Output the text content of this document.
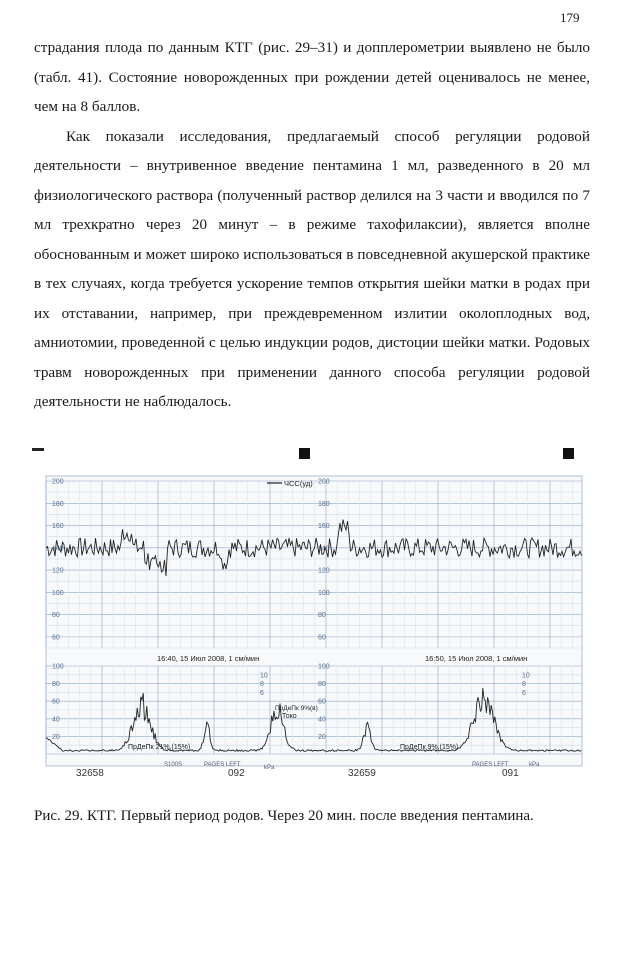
179

страдания плода по данным КТГ (рис. 29–31) и допплерометрии выявлено не было (табл. 41). Состояние новорожденных при рождении детей оценивалось не менее, чем на 8 баллов.

Как показали исследования, предлагаемый способ регуляции родовой деятельности – внутривенное введение пентамина 1 мл, разведенного в 20 мл физиологического раствора (полученный раствор делился на 3 части и вводился по 7 мл трехкратно через 20 минут – в режиме тахофилаксии), является вполне обоснованным и может широко использоваться в повседневной акушерской практике в тех случаях, когда требуется ускорение темпов открытия шейки матки в родах при их отставании, например, при преждевременном излитии околоплодных вод, амниотомии, проведенной с целью индукции родов, дистоции шейки матки. Родовых травм новорожденных при применении данного способа регуляции родовой деятельности не наблюдалось.

200	200
180	180
160	160
140	140
120	120
100	100
80	80
60	60
100	100
80	80
60	60
40	40
20	20
10
10
8
8
6
6
ЧСС(уд)
Токо
16:40, 15 Июл 2008, 1 см/мин	16:50, 15 Июл 2008, 1 см/мин
ПрДеПк 21%,(15%)	ПрДеПк 9%,(15%)
ПрДеПк 9%(в)
32658
S100S	PAGES LEFT
092	kPa	32659
PAGES LEFT
091
kPa
Рис. 29. КТГ. Первый период родов. Через 20 мин. после введения пентамина.
